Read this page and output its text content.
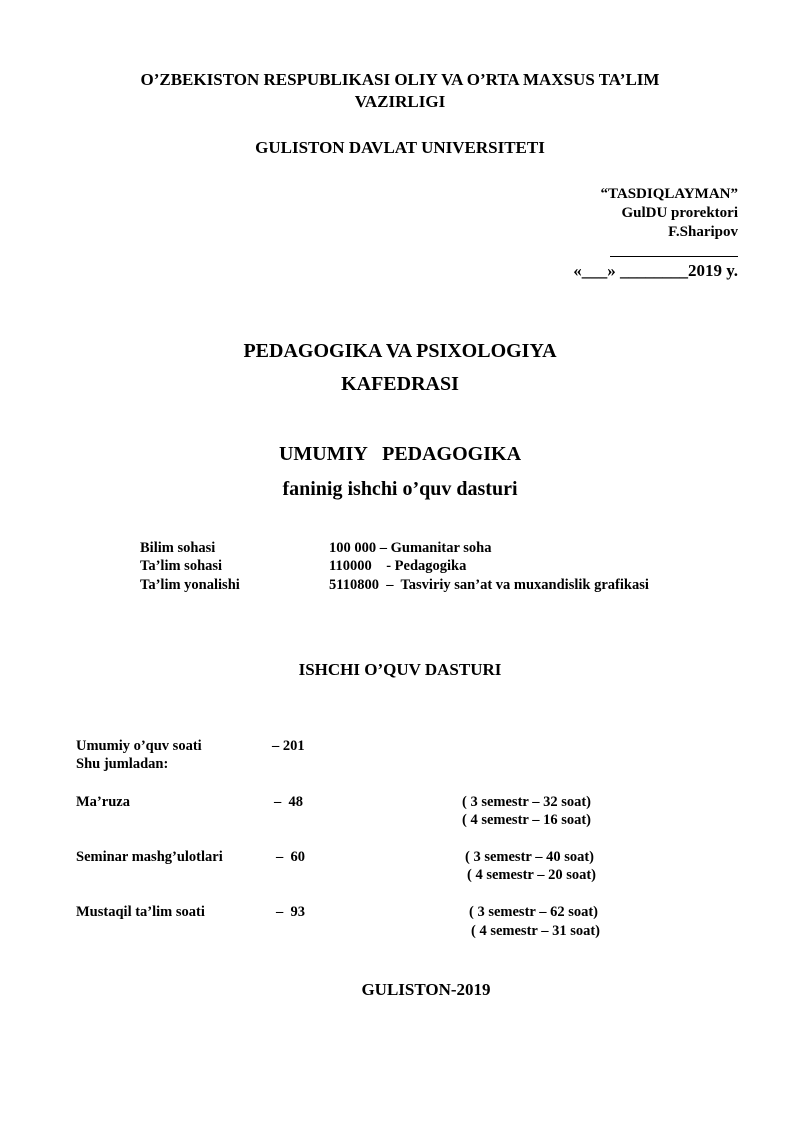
O’ZBEKISTON RESPUBLIKASI OLIY VA O’RTA MAXSUS TA’LIM
VAZIRLIGI
GULISTON DAVLAT UNIVERSITETI
“TASDIQLAYMAN”
GulDU prorektori
F.Sharipov
«___» ________2019 y.
PEDAGOGIKA VA PSIXOLOGIYA
KAFEDRASI
UMUMIY   PEDAGOGIKA
faninig ishchi o’quv dasturi
Bilim sohasi	100 000 – Gumanitar soha
Ta’lim sohasi	110000    - Pedagogika
Ta’lim yonalishi	5110800  –  Tasviriy san’at va muxandislik grafikasi
ISHCHI O’QUV DASTURI
Umumiy o’quv soati	– 201
Shu jumladan:
Ma’ruza	–  48	( 3 semestr – 32 soat)
( 4 semestr – 16 soat)
Seminar mashg’ulotlari	–  60	( 3 semestr – 40 soat)
( 4 semestr – 20 soat)
Mustaqil ta’lim soati	–  93	( 3 semestr – 62 soat)
( 4 semestr – 31 soat)
GULISTON-2019
